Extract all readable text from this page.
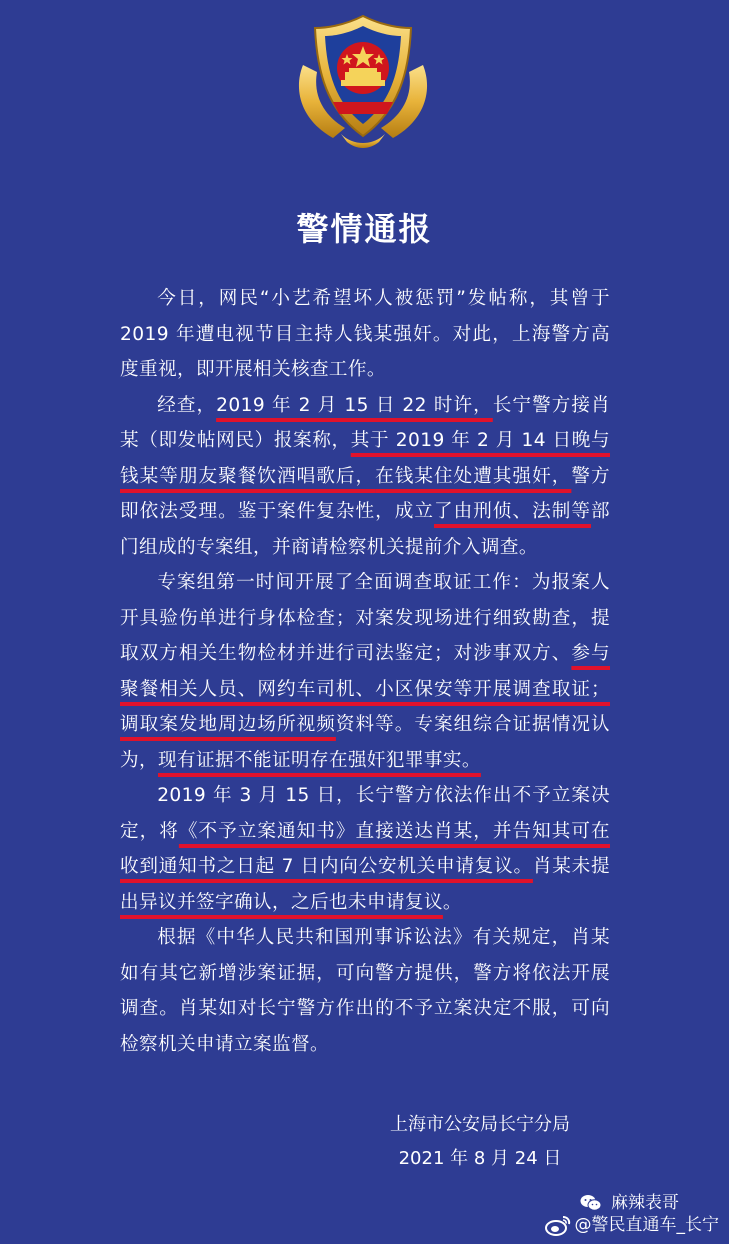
警情通报

今日，网民“小艺希望坏人被惩罚”发帖称，其曾于 2019 年遭电视节目主持人钱某强奸。对此，上海警方高度重视，即开展相关核查工作。

经查，2019 年 2 月 15 日 22 时许，长宁警方接肖某（即发帖网民）报案称，其于 2019 年 2 月 14 日晚与钱某等朋友聚餐饮酒唱歌后，在钱某住处遭其强奸，警方即依法受理。鉴于案件复杂性，成立了由刑侦、法制等部门组成的专案组，并商请检察机关提前介入调查。

专案组第一时间开展了全面调查取证工作：为报案人开具验伤单进行身体检查；对案发现场进行细致勘查，提取双方相关生物检材并进行司法鉴定；对涉事双方、参与聚餐相关人员、网约车司机、小区保安等开展调查取证；调取案发地周边场所视频资料等。专案组综合证据情况认为，现有证据不能证明存在强奸犯罪事实。

2019 年 3 月 15 日，长宁警方依法作出不予立案决定，将《不予立案通知书》直接送达肖某，并告知其可在收到通知书之日起 7 日内向公安机关申请复议。肖某未提出异议并签字确认，之后也未申请复议。

根据《中华人民共和国刑事诉讼法》有关规定，肖某如有其它新增涉案证据，可向警方提供，警方将依法开展调查。肖某如对长宁警方作出的不予立案决定不服，可向检察机关申请立案监督。

上海市公安局长宁分局
2021 年 8 月 24 日
麻辣表哥
@警民直通车_长宁
